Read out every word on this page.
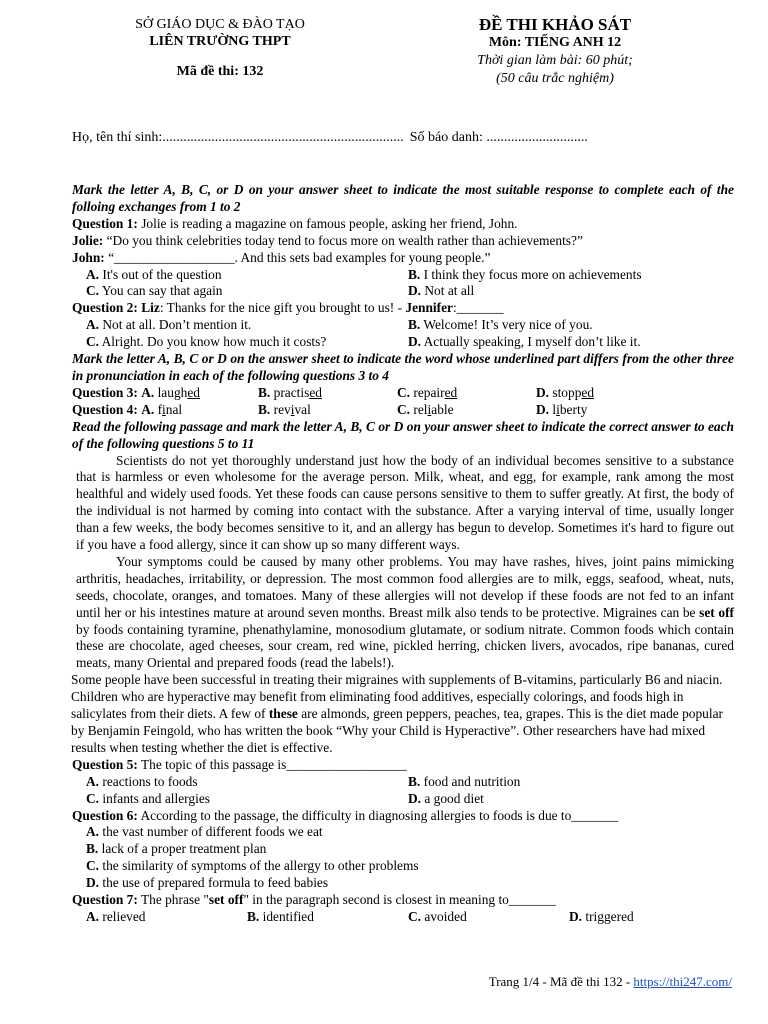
SỞ GIÁO DỤC & ĐÀO TẠO
LIÊN TRƯỜNG THPT
Mã đề thi: 132
ĐỀ THI KHẢO SÁT
Môn: TIẾNG ANH 12
Thời gian làm bài: 60 phút;
(50 câu trắc nghiệm)
Họ, tên thí sinh:..................................................................... Số báo danh: .............................
Mark the letter A, B, C, or D on your answer sheet to indicate the most suitable response to complete each of the folloing exchanges from 1 to 2
Question 1: Jolie is reading a magazine on famous people, asking her friend, John.
Jolie: “Do you think celebrities today tend to focus more on wealth rather than achievements?”
John: “__________________. And this sets bad examples for young people.”
A. It's out of the question	B. I think they focus more on achievements
C. You can say that again	D. Not at all
Question 2: Liz: Thanks for the nice gift you brought to us! - Jennifer:_______
A. Not at all. Don’t mention it.	B. Welcome! It’s very nice of you.
C. Alright. Do you know how much it costs?	D. Actually speaking, I myself don’t like it.
Mark the letter A, B, C or D on the answer sheet to indicate the word whose underlined part differs from the other three in pronunciation in each of the following questions 3 to 4
Question 3: A. laughed	B. practised	C. repaired	D. stopped
Question 4: A. final	B. revival	C. reliable	D. liberty
Read the following passage and mark the letter A, B, C or D on your answer sheet to indicate the correct answer to each of the following questions 5 to 11
Scientists do not yet thoroughly understand just how the body of an individual becomes sensitive to a substance that is harmless or even wholesome for the average person. Milk, wheat, and egg, for example, rank among the most healthful and widely used foods. Yet these foods can cause persons sensitive to them to suffer greatly. At first, the body of the individual is not harmed by coming into contact with the substance. After a varying interval of time, usually longer than a few weeks, the body becomes sensitive to it, and an allergy has begun to develop. Sometimes it's hard to figure out if you have a food allergy, since it can show up so many different ways.
Your symptoms could be caused by many other problems. You may have rashes, hives, joint pains mimicking arthritis, headaches, irritability, or depression. The most common food allergies are to milk, eggs, seafood, wheat, nuts, seeds, chocolate, oranges, and tomatoes. Many of these allergies will not develop if these foods are not fed to an infant until her or his intestines mature at around seven months. Breast milk also tends to be protective. Migraines can be set off by foods containing tyramine, phenathylamine, monosodium glutamate, or sodium nitrate. Common foods which contain these are chocolate, aged cheeses, sour cream, red wine, pickled herring, chicken livers, avocados, ripe bananas, cured meats, many Oriental and prepared foods (read the labels!).
Some people have been successful in treating their migraines with supplements of B-vitamins, particularly B6 and niacin. Children who are hyperactive may benefit from eliminating food additives, especially colorings, and foods high in salicylates from their diets. A few of these are almonds, green peppers, peaches, tea, grapes. This is the diet made popular by Benjamin Feingold, who has written the book “Why your Child is Hyperactive”. Other researchers have had mixed results when testing whether the diet is effective.
Question 5: The topic of this passage is__________________
A. reactions to foods	B. food and nutrition
C. infants and allergies	D. a good diet
Question 6: According to the passage, the difficulty in diagnosing allergies to foods is due to_______
A. the vast number of different foods we eat
B. lack of a proper treatment plan
C. the similarity of symptoms of the allergy to other problems
D. the use of prepared formula to feed babies
Question 7: The phrase "set off" in the paragraph second is closest in meaning to_______
A. relieved	B. identified	C. avoided	D. triggered
Trang 1/4 - Mã đề thi 132 - https://thi247.com/
